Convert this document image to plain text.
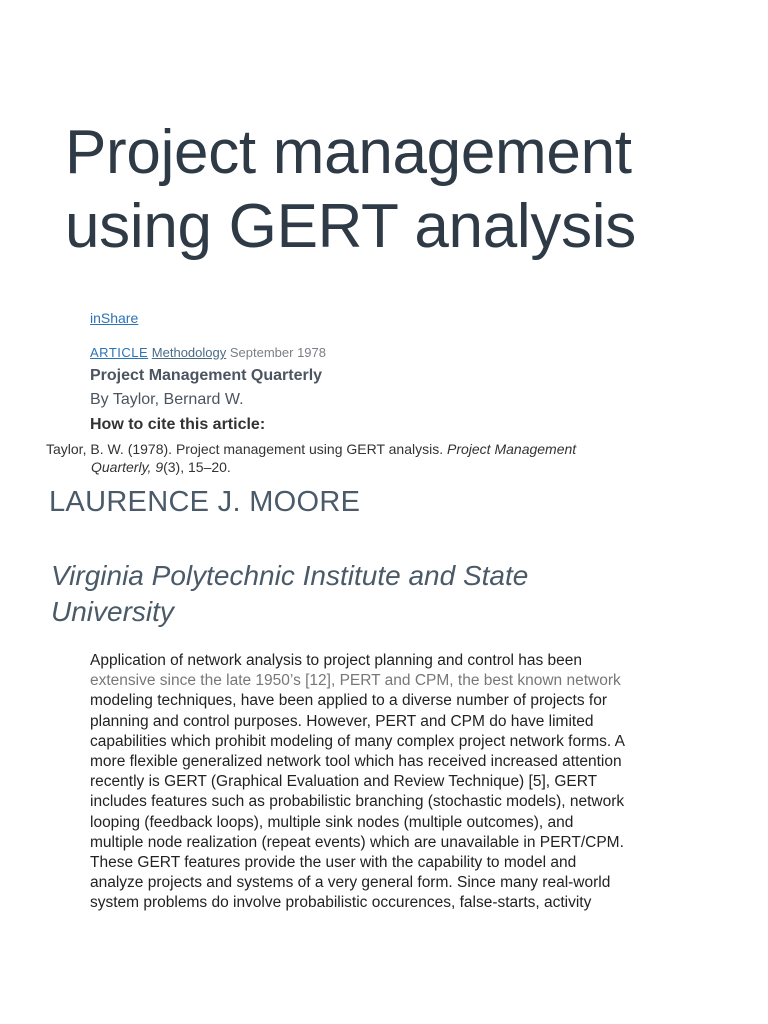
Project management
using GERT analysis
inShare
ARTICLE Methodology September 1978
Project Management Quarterly
By Taylor, Bernard W.
How to cite this article:
Taylor, B. W. (1978). Project management using GERT analysis. Project Management
Quarterly, 9(3), 15–20.
LAURENCE J. MOORE
Virginia Polytechnic Institute and State
University
Application of network analysis to project planning and control has been
extensive since the late 1950’s [12], PERT and CPM, the best known network
modeling techniques, have been applied to a diverse number of projects for
planning and control purposes. However, PERT and CPM do have limited
capabilities which prohibit modeling of many complex project network forms. A
more flexible generalized network tool which has received increased attention
recently is GERT (Graphical Evaluation and Review Technique) [5], GERT
includes features such as probabilistic branching (stochastic models), network
looping (feedback loops), multiple sink nodes (multiple outcomes), and
multiple node realization (repeat events) which are unavailable in PERT/CPM.
These GERT features provide the user with the capability to model and
analyze projects and systems of a very general form. Since many real-world
system problems do involve probabilistic occurences, false-starts, activity
